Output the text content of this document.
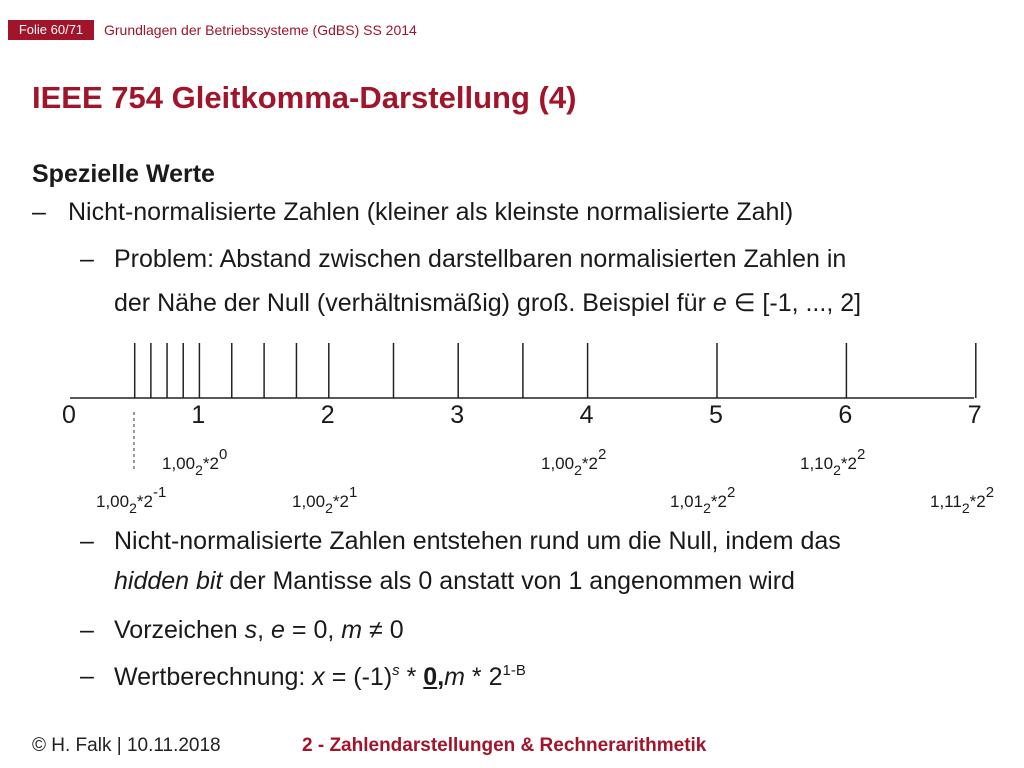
Folie 60/71	Grundlagen der Betriebssysteme (GdBS) SS 2014
IEEE 754 Gleitkomma-Darstellung (4)
Spezielle Werte
– Nicht-normalisierte Zahlen (kleiner als kleinste normalisierte Zahl)
– Problem: Abstand zwischen darstellbaren normalisierten Zahlen in
der Nähe der Null (verhältnismäßig) groß. Beispiel für e ∈ [-1, ..., 2]
0	1	2	3	4	5	6	7
$1,00_2*20$	$1,00_2*22$	$1,10_2*22$
$1,00_2*2-1$	$1,00_2*21$	$1,01_2*22$	$1,11_2*22$
– Nicht-normalisierte Zahlen entstehen rund um die Null, indem das
hidden bit der Mantisse als 0 anstatt von 1 angenommen wird
– Vorzeichen s, e = 0, m ≠ 0
– Wertberechnung: $x = (-1)^s * 0,m * 2^{1-B}$
© H. Falk | 10.11.2018	2 - Zahlendarstellungen & Rechnerarithmetik
